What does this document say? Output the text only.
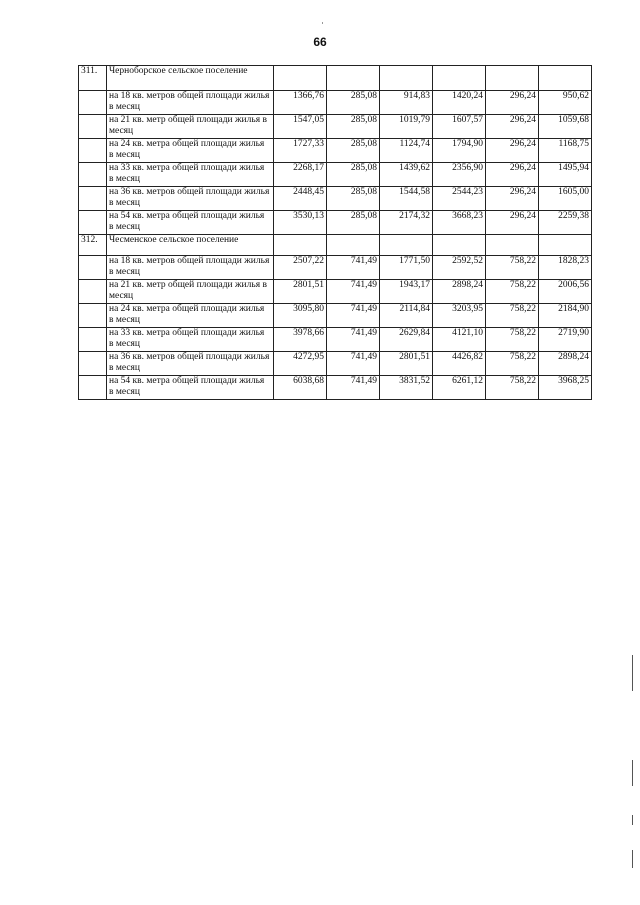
66
311.	Черноборское сельское поселение						
	на 18 кв. метров общей площади жилья в месяц	1366,76	285,08	914,83	1420,24	296,24	950,62
	на 21 кв. метр общей площади жилья в месяц	1547,05	285,08	1019,79	1607,57	296,24	1059,68
	на 24 кв. метра общей площади жилья в месяц	1727,33	285,08	1124,74	1794,90	296,24	1168,75
	на 33 кв. метра общей площади жилья в месяц	2268,17	285,08	1439,62	2356,90	296,24	1495,94
	на 36 кв. метров общей площади жилья в месяц	2448,45	285,08	1544,58	2544,23	296,24	1605,00
	на 54 кв. метра общей площади жилья в месяц	3530,13	285,08	2174,32	3668,23	296,24	2259,38
312.	Чесменское сельское поселение						
	на 18 кв. метров общей площади жилья в месяц	2507,22	741,49	1771,50	2592,52	758,22	1828,23
	на 21 кв. метр общей площади жилья в месяц	2801,51	741,49	1943,17	2898,24	758,22	2006,56
	на 24 кв. метра общей площади жилья в месяц	3095,80	741,49	2114,84	3203,95	758,22	2184,90
	на 33 кв. метра общей площади жилья в месяц	3978,66	741,49	2629,84	4121,10	758,22	2719,90
	на 36 кв. метров общей площади жилья в месяц	4272,95	741,49	2801,51	4426,82	758,22	2898,24
	на 54 кв. метра общей площади жилья в месяц	6038,68	741,49	3831,52	6261,12	758,22	3968,25
